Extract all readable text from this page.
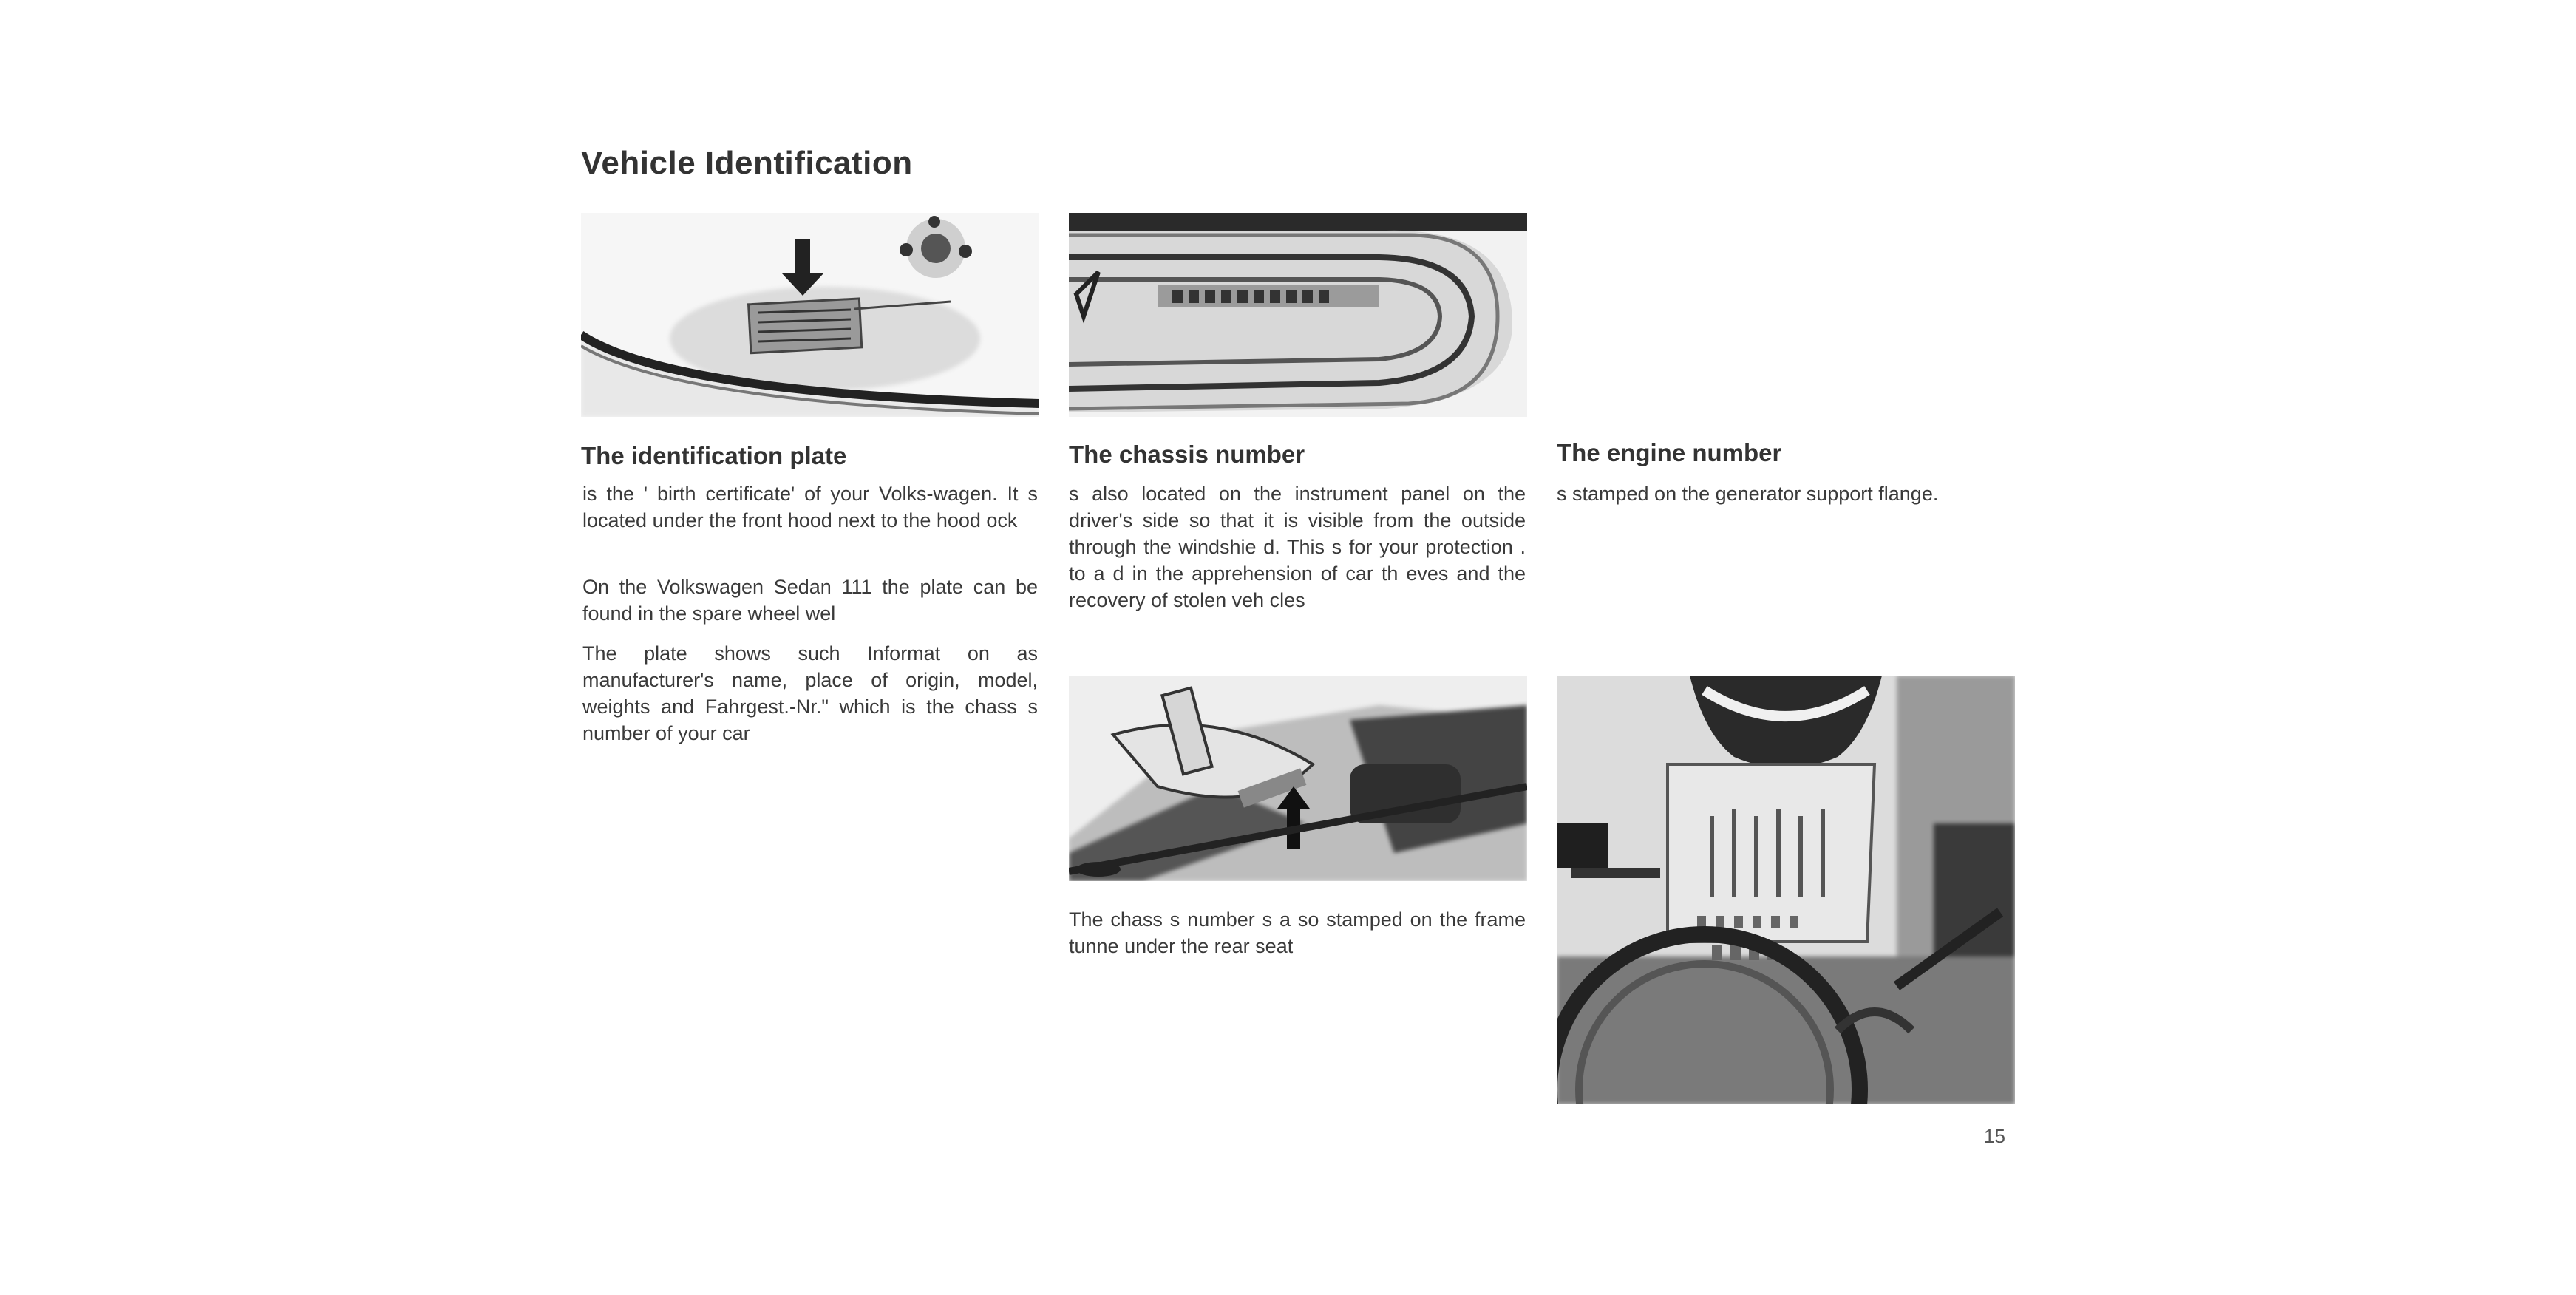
Vehicle Identification
The identification plate

is the ' birth certificate' of your Volks-wagen. It s located under the front hood next to the hood ock

On the Volkswagen Sedan 111 the plate can be found in the spare wheel wel

The plate shows such Informat on as manufacturer's name, place of origin, model, weights and Fahrgest.-Nr." which is the chass s number of your car

The chassis number

s also located on the instrument panel on the driver's side so that it is visible from the outside through the windshie d. This s for your protection . to a d in the apprehension of car th eves and the recovery of stolen veh cles

The chass s number s a so stamped on the frame tunne under the rear seat

The engine number

s stamped on the generator support flange.

15
